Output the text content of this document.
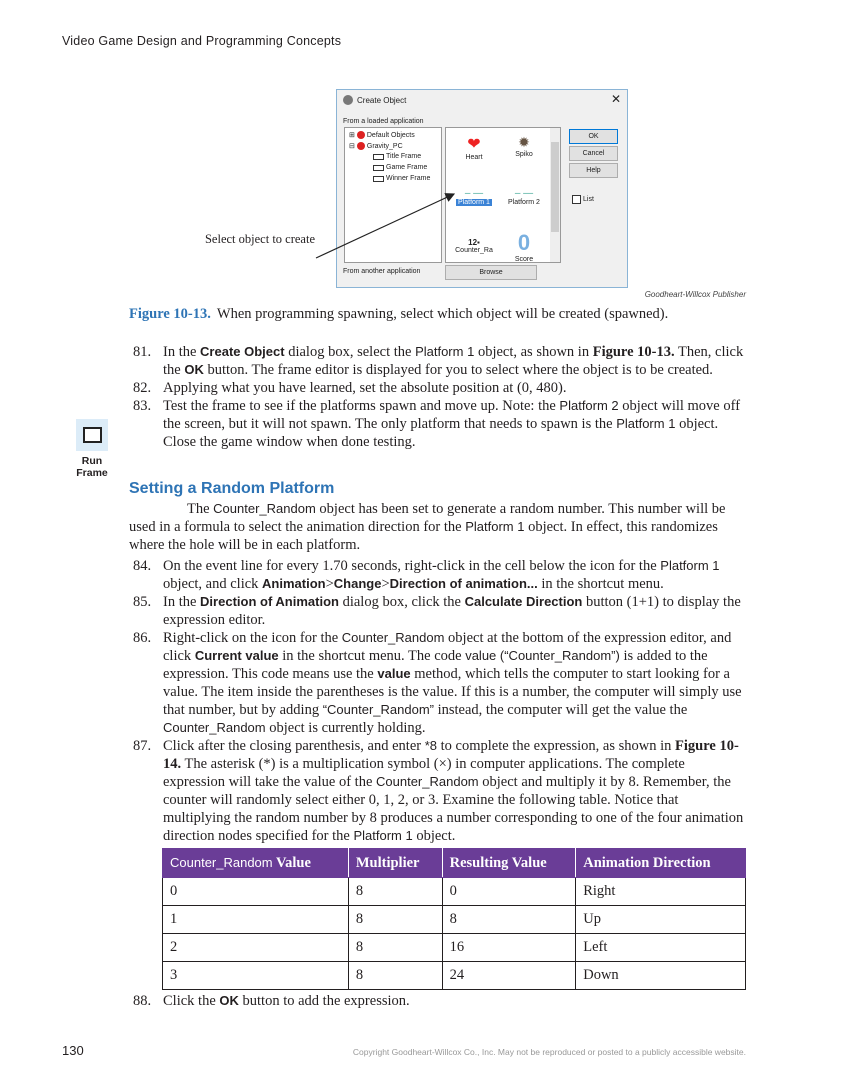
Video Game Design and Programming Concepts
Create Object	✕
From a loaded application
⊞ Default Objects
⊟ Gravity_PC
Title Frame
Game Frame
Winner Frame
❤
Heart
✹
Spiko
– —
Platform 1
– —
Platform 2
12▪
Counter_Ra	0
Score
OK
Cancel
Help
List
From another application	Browse
Select object to create
Goodheart-Willcox Publisher
Figure 10-13. When programming spawning, select which object will be created (spawned).
81. In the Create Object dialog box, select the Platform 1 object, as shown in Figure 10-13. Then, click the OK button. The frame editor is displayed for you to select where the object is to be created.
82. Applying what you have learned, set the absolute position at (0, 480).
83. Test the frame to see if the platforms spawn and move up. Note: the Platform 2 object will move off the screen, but it will not spawn. The only platform that needs to spawn is the Platform 1 object. Close the game window when done testing.
Run Frame
Setting a Random Platform
The Counter_Random object has been set to generate a random number. This number will be used in a formula to select the animation direction for the Platform 1 object. In effect, this randomizes where the hole will be in each platform.
84. On the event line for every 1.70 seconds, right-click in the cell below the icon for the Platform 1 object, and click Animation>Change>Direction of animation... in the shortcut menu.
85. In the Direction of Animation dialog box, click the Calculate Direction button (1+1) to display the expression editor.
86. Right-click on the icon for the Counter_Random object at the bottom of the expression editor, and click Current value in the shortcut menu. The code value (“Counter_Random”) is added to the expression. This code means use the value method, which tells the computer to start looking for a value. The item inside the parentheses is the value. If this is a number, the computer will simply use that number, but by adding “Counter_Random” instead, the computer will get the value the Counter_Random object is currently holding.
87. Click after the closing parenthesis, and enter *8 to complete the expression, as shown in Figure 10-14. The asterisk (*) is a multiplication symbol (×) in computer applications. The complete expression will take the value of the Counter_Random object and multiply it by 8. Remember, the counter will randomly select either 0, 1, 2, or 3. Examine the following table. Notice that multiplying the random number by 8 produces a number corresponding to one of the four animation direction nodes specified for the Platform 1 object.
Counter_Random Value	Multiplier	Resulting Value	Animation Direction
0	8	0	Right
1	8	8	Up
2	8	16	Left
3	8	24	Down
88. Click the OK button to add the expression.
130	Copyright Goodheart-Willcox Co., Inc. May not be reproduced or posted to a publicly accessible website.
